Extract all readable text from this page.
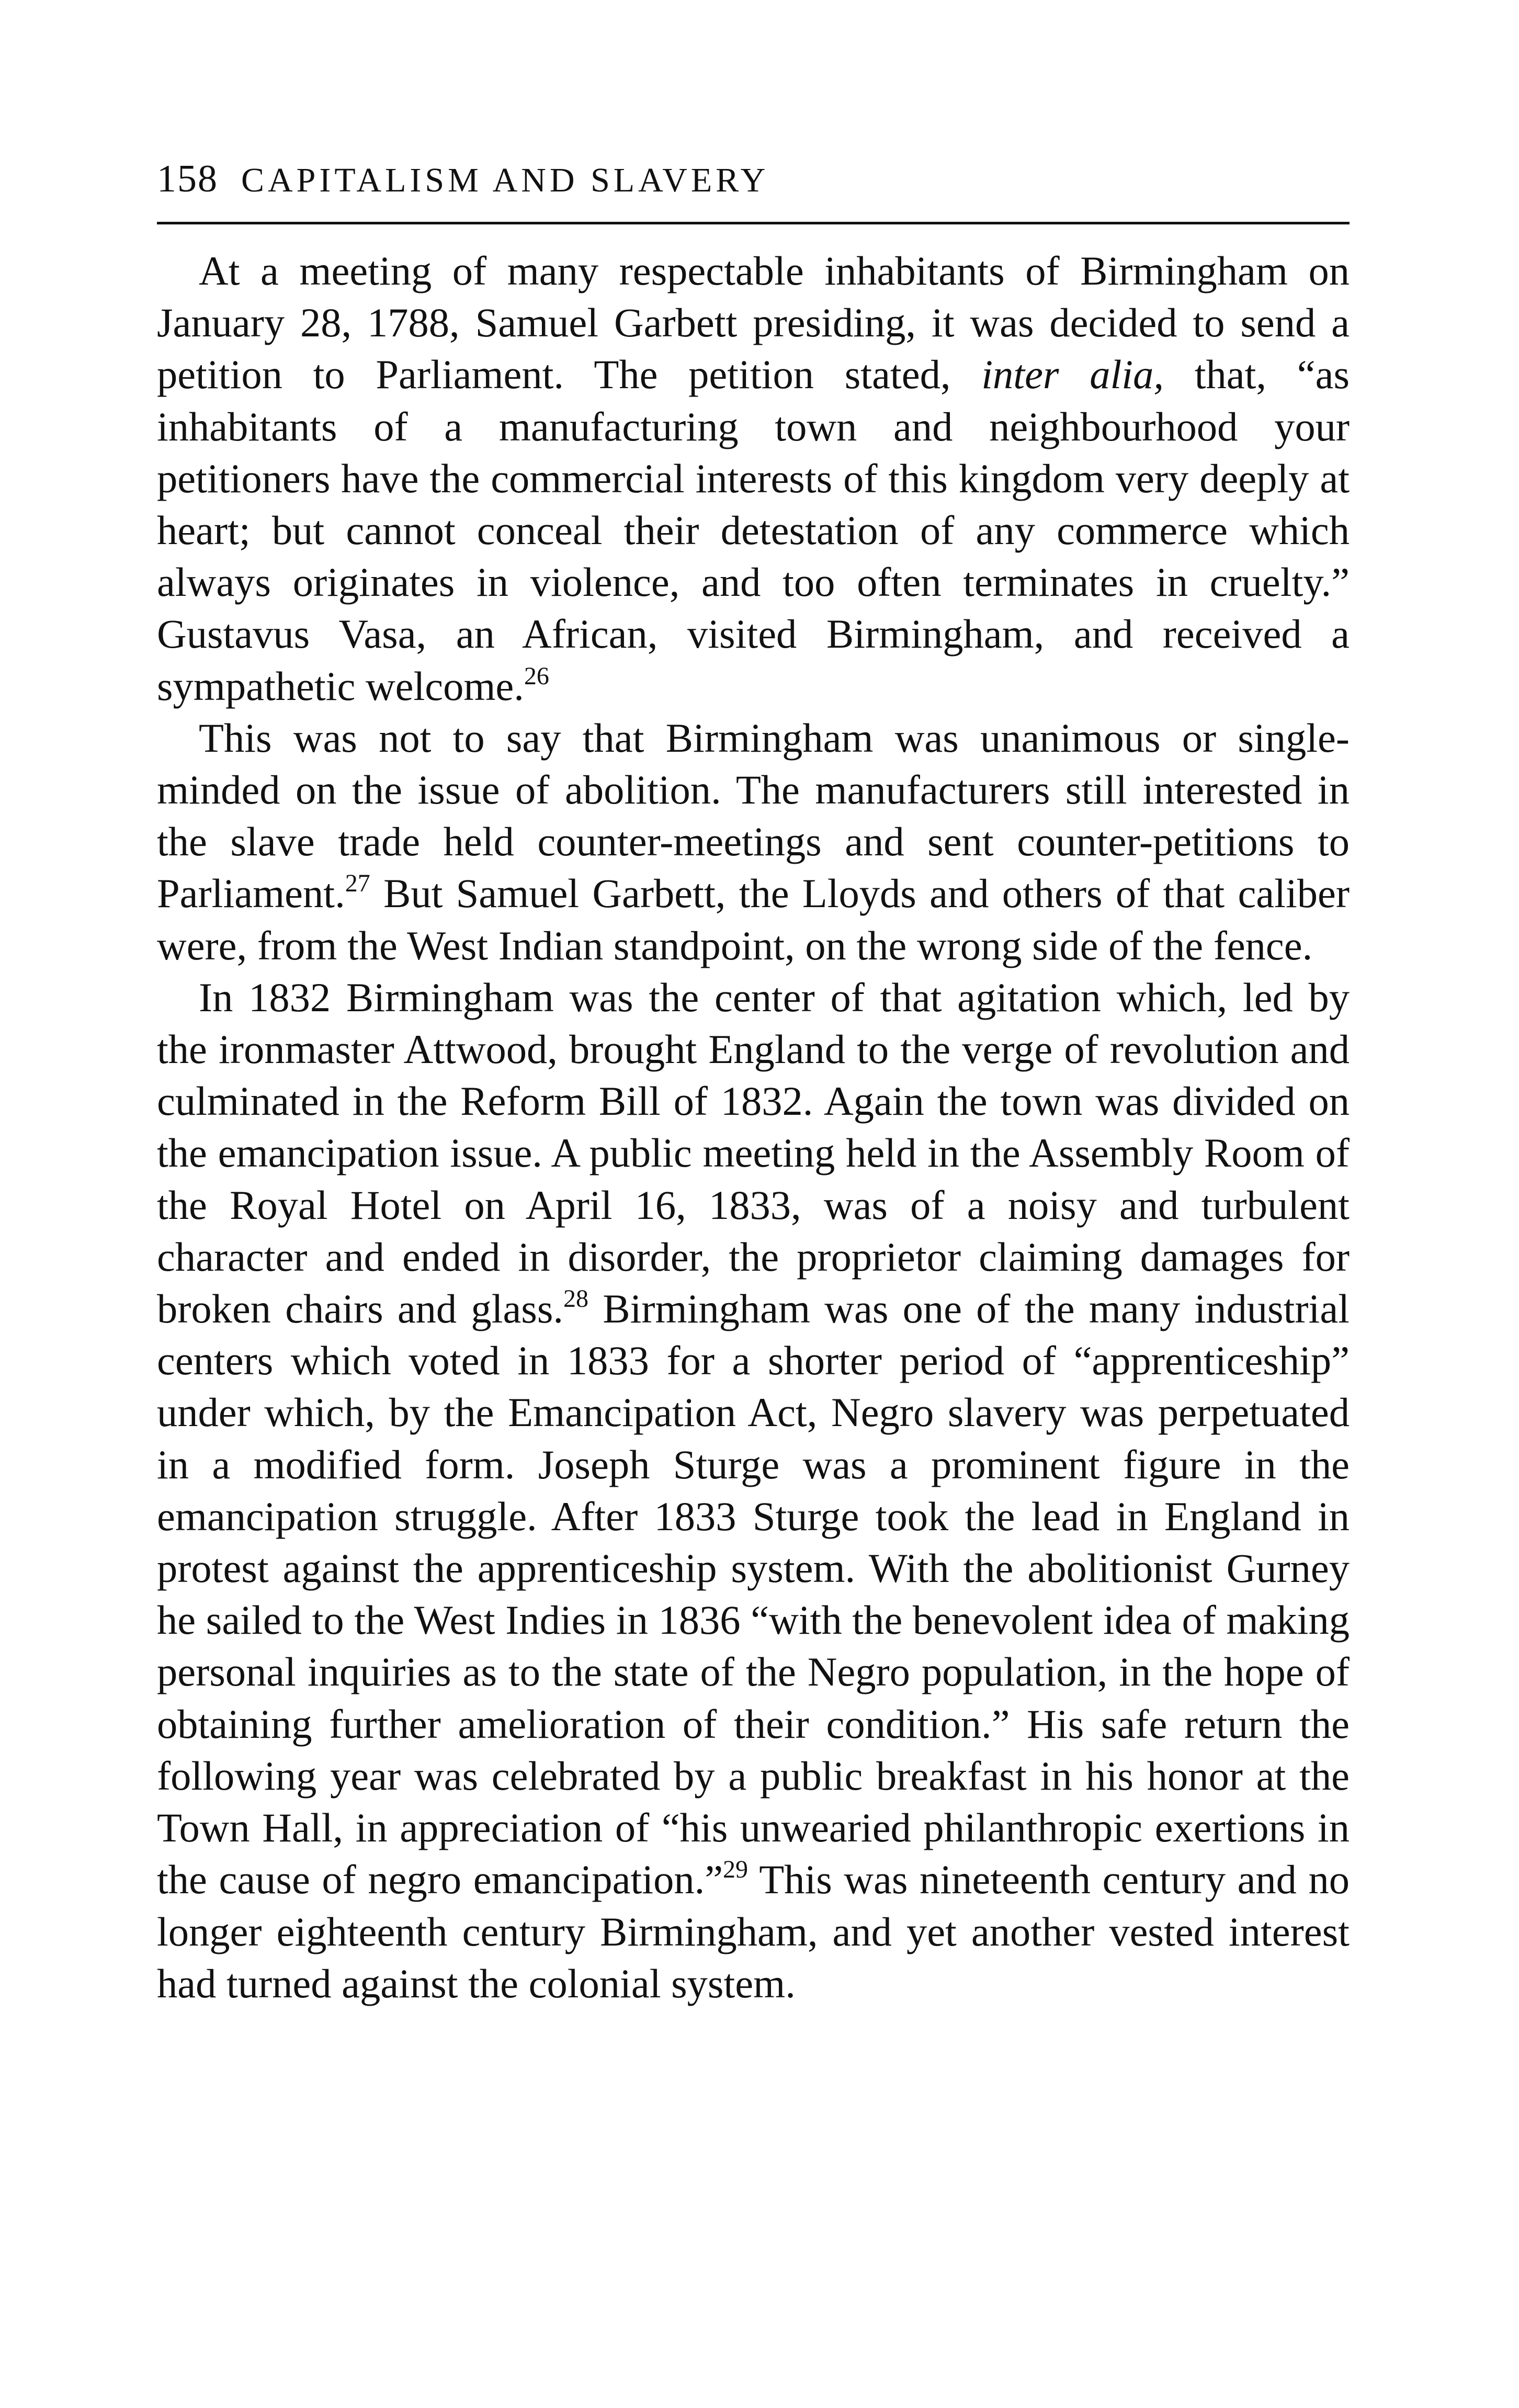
158 CAPITALISM AND SLAVERY

At a meeting of many respectable inhabitants of Birmingham on January 28, 1788, Samuel Garbett presiding, it was decided to send a petition to Parliament. The petition stated, inter alia, that, “as inhabitants of a manufacturing town and neighbourhood your petitioners have the commercial interests of this kingdom very deeply at heart; but cannot conceal their detestation of any commerce which always originates in violence, and too often terminates in cruelty.” Gustavus Vasa, an African, visited Birmingham, and received a sympathetic welcome.$^{26}$

This was not to say that Birmingham was unanimous or single-minded on the issue of abolition. The manufacturers still interested in the slave trade held counter-meetings and sent counter-petitions to Parliament.$^{27}$ But Samuel Garbett, the Lloyds and others of that caliber were, from the West Indian standpoint, on the wrong side of the fence.

In 1832 Birmingham was the center of that agitation which, led by the ironmaster Attwood, brought England to the verge of revolution and culminated in the Reform Bill of 1832. Again the town was divided on the emancipation issue. A public meeting held in the Assembly Room of the Royal Hotel on April 16, 1833, was of a noisy and turbulent character and ended in disorder, the proprietor claiming damages for broken chairs and glass.$^{28}$ Birmingham was one of the many industrial centers which voted in 1833 for a shorter period of “apprenticeship” under which, by the Emancipation Act, Negro slavery was perpetuated in a modified form. Joseph Sturge was a prominent figure in the emancipation struggle. After 1833 Sturge took the lead in England in protest against the apprenticeship system. With the abolitionist Gurney he sailed to the West Indies in 1836 “with the benevolent idea of making personal inquiries as to the state of the Negro population, in the hope of obtaining further amelioration of their condition.” His safe return the following year was celebrated by a public breakfast in his honor at the Town Hall, in appreciation of “his unwearied philanthropic exertions in the cause of negro emancipation.”$^{29}$ This was nineteenth century and no longer eighteenth century Birmingham, and yet another vested interest had turned against the colonial system.
